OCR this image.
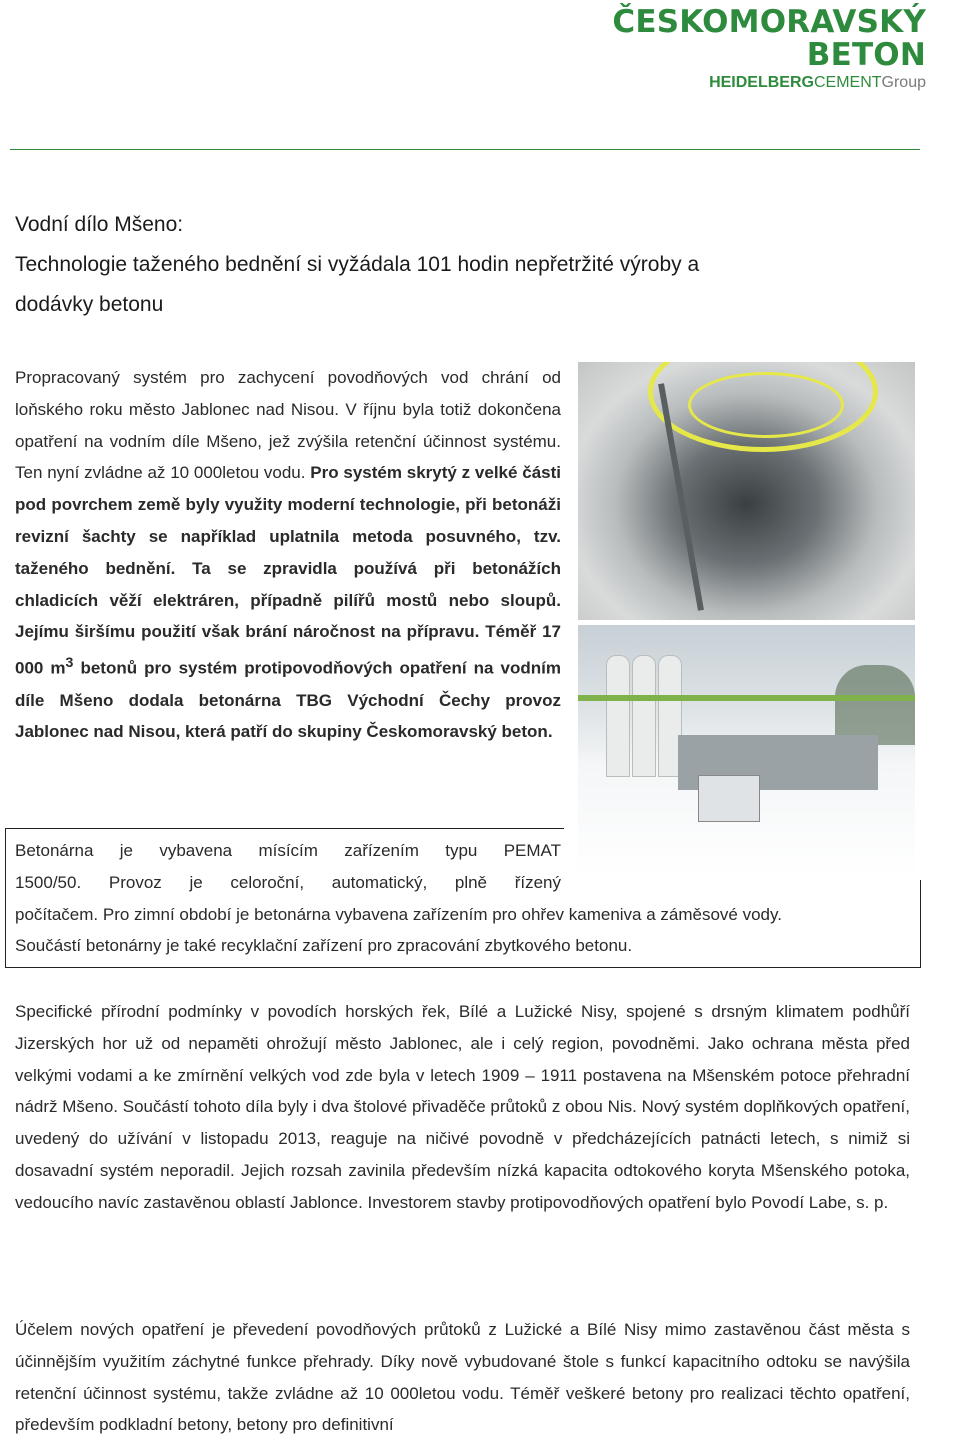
ČESKOMORAVSKÝ
BETON
HEIDELBERGCEMENTGroup
Vodní dílo Mšeno:
Technologie taženého bednění si vyžádala 101 hodin nepřetržité výroby a
dodávky betonu
Propracovaný systém pro zachycení povodňových vod chrání od loňského roku město Jablonec nad Nisou. V říjnu byla totiž dokončena opatření na vodním díle Mšeno, jež zvýšila retenční účinnost systému. Ten nyní zvládne až 10 000letou vodu. Pro systém skrytý z velké části pod povrchem země byly využity moderní technologie, při betonáži revizní šachty se například uplatnila metoda posuvného, tzv. taženého bednění. Ta se zpravidla používá při betonážích chladicích věží elektráren, případně pilířů mostů nebo sloupů. Jejímu širšímu použití však brání náročnost na přípravu. Téměř 17 000 $m^3$ betonů pro systém protipovodňových opatření na vodním díle Mšeno dodala betonárna TBG Východní Čechy provoz Jablonec nad Nisou, která patří do skupiny Českomoravský beton.
Betonárna je vybavena mísícím zařízením typu PEMAT
1500/50. Provoz je celoroční, automatický, plně řízený
počítačem. Pro zimní období je betonárna vybavena zařízením pro ohřev kameniva a záměsové vody.
Součástí betonárny je také recyklační zařízení pro zpracování zbytkového betonu.
Specifické přírodní podmínky v povodích horských řek, Bílé a Lužické Nisy, spojené s drsným klimatem podhůří Jizerských hor už od nepaměti ohrožují město Jablonec, ale i celý region, povodněmi. Jako ochrana města před velkými vodami a ke zmírnění velkých vod zde byla v letech 1909 – 1911 postavena na Mšenském potoce přehradní nádrž Mšeno. Součástí tohoto díla byly i dva štolové přivaděče průtoků z obou Nis. Nový systém doplňkových opatření, uvedený do užívání v listopadu 2013, reaguje na ničivé povodně v předcházejících patnácti letech, s nimiž si dosavadní systém neporadil. Jejich rozsah zavinila především nízká kapacita odtokového koryta Mšenského potoka, vedoucího navíc zastavěnou oblastí Jablonce. Investorem stavby protipovodňových opatření bylo Povodí Labe, s. p.
Účelem nových opatření je převedení povodňových průtoků z Lužické a Bílé Nisy mimo zastavěnou část města s účinnějším využitím záchytné funkce přehrady. Díky nově vybudované štole s funkcí kapacitního odtoku se navýšila retenční účinnost systému, takže zvládne až 10 000letou vodu. Téměř veškeré betony pro realizaci těchto opatření, především podkladní betony, betony pro definitivní
